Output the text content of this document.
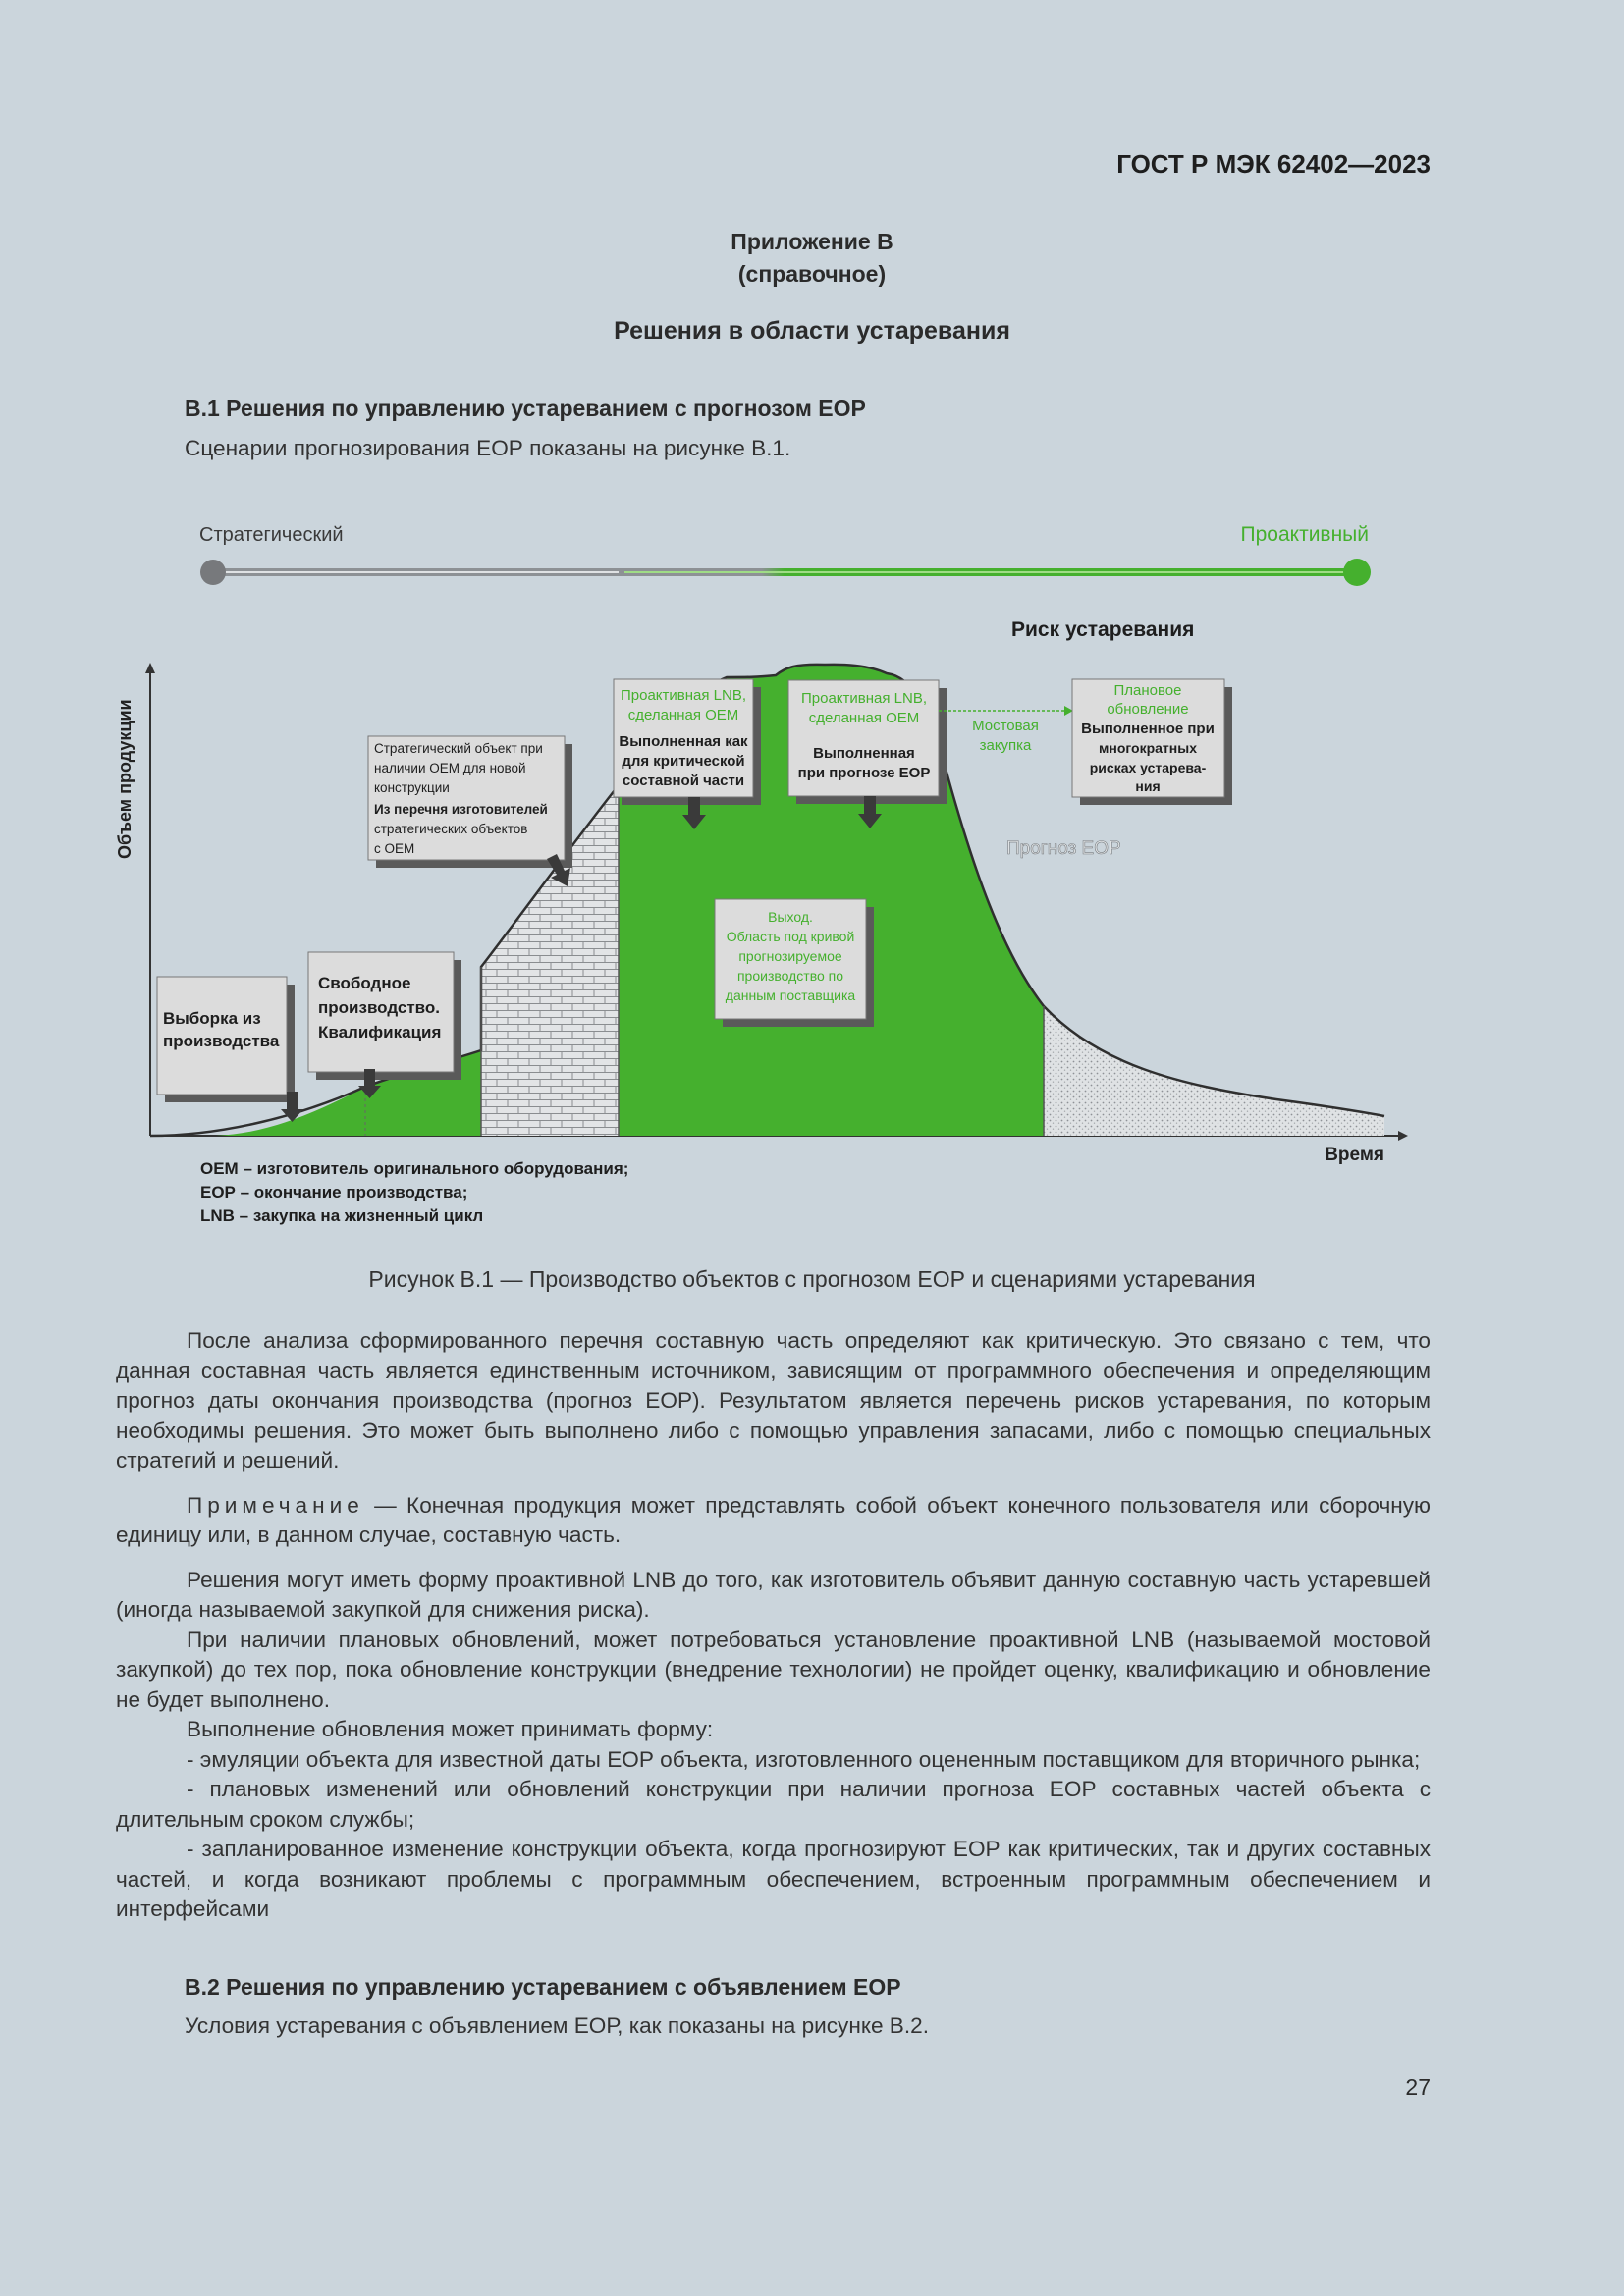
ГОСТ Р МЭК 62402—2023
Приложение В
(справочное)
Решения в области устаревания
В.1 Решения по управлению устареванием с прогнозом ЕОР
Сценарии прогнозирования ЕОР показаны на рисунке В.1.
Стратегический	Проактивный
Риск устаревания
Объем продукции
Время
Прогноз ЕОР
Выборка из
производства
Свободное
производство.
Квалификация
Стратегический объект при
наличии ОЕМ для новой
конструкции
Из перечня изготовителей
стратегических объектов
с ОЕМ
Проактивная LNB,
сделанная ОЕМ
Выполненная как
для критической
составной части
Проактивная LNB,
сделанная ОЕМ
Выполненная
при прогнозе ЕОР
Мостовая
закупка
Плановое
обновление
Выполненное при
многократных
рисках устарева-
ния
Выход.
Область под кривой
прогнозируемое
производство по
данным поставщика
ОЕМ – изготовитель оригинального оборудования;
ЕОР – окончание производства;
LNB – закупка на жизненный цикл
Рисунок В.1 — Производство объектов с прогнозом ЕОР и сценариями устаревания

После анализа сформированного перечня составную часть определяют как критическую. Это связано с тем, что данная составная часть является единственным источником, зависящим от программного обеспечения и определяющим прогноз даты окончания производства (прогноз ЕОР). Результатом является перечень рисков устаревания, по которым необходимы решения. Это может быть выполнено либо с помощью управления запасами, либо с помощью специальных стратегий и решений.

Примечание — Конечная продукция может представлять собой объект конечного пользователя или сборочную единицу или, в данном случае, составную часть.

Решения могут иметь форму проактивной LNB до того, как изготовитель объявит данную составную часть устаревшей (иногда называемой закупкой для снижения риска).

При наличии плановых обновлений, может потребоваться установление проактивной LNB (называемой мостовой закупкой) до тех пор, пока обновление конструкции (внедрение технологии) не пройдет оценку, квалификацию и обновление не будет выполнено.

Выполнение обновления может принимать форму:

- эмуляции объекта для известной даты ЕОР объекта, изготовленного оцененным поставщиком для вторичного рынка;

- плановых изменений или обновлений конструкции при наличии прогноза ЕОР составных частей объекта с длительным сроком службы;

- запланированное изменение конструкции объекта, когда прогнозируют ЕОР как критических, так и других составных частей, и когда возникают проблемы с программным обеспечением, встроенным программным обеспечением и интерфейсами

В.2 Решения по управлению устареванием с объявлением ЕОР
Условия устаревания с объявлением ЕОР, как показаны на рисунке В.2.
27
